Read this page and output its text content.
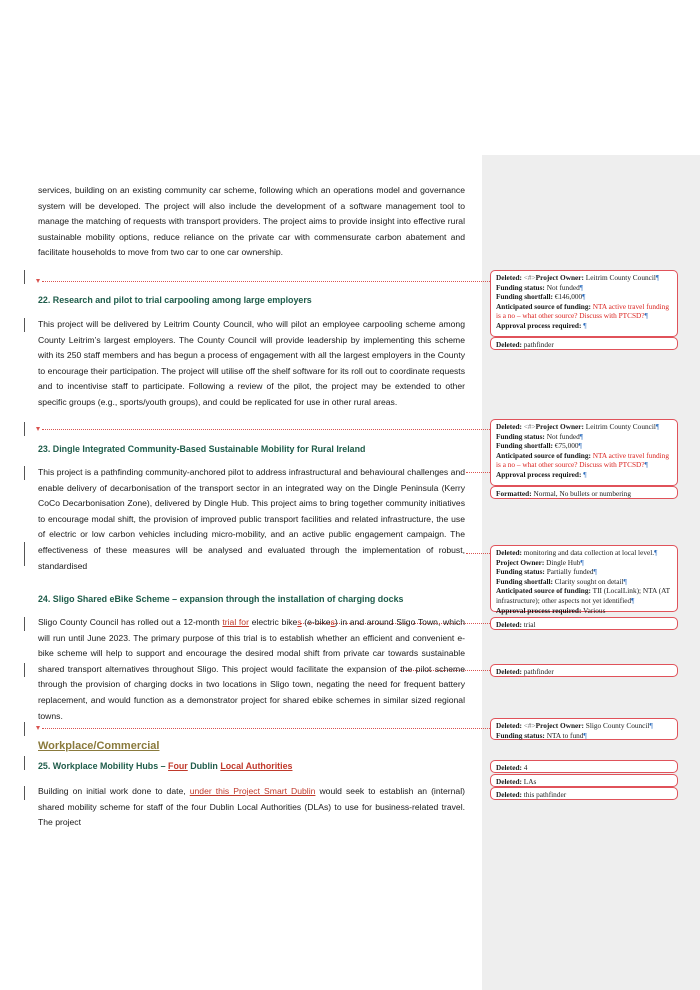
services, building on an existing community car scheme, following which an operations model and governance system will be developed. The project will also include the development of a software management tool to manage the matching of requests with transport providers. The project aims to provide insight into effective rural sustainable mobility options, reduce reliance on the private car with commensurate carbon abatement and facilitate households to move from two car to one car ownership.
22. Research and pilot to trial carpooling among large employers
This project will be delivered by Leitrim County Council, who will pilot an employee carpooling scheme among County Leitrim’s largest employers. The County Council will provide leadership by implementing this scheme with its 250 staff members and has begun a process of engagement with all the largest employers in the County to encourage their participation. The project will utilise off the shelf software for its roll out to coordinate requests and to incentivise staff to participate. Following a review of the pilot, the project may be extended to other specific groups (e.g., sports/youth groups), and could be replicated for use in other rural areas.
23. Dingle Integrated Community-Based Sustainable Mobility for Rural Ireland
This project is a pathfinding community-anchored pilot to address infrastructural and behavioural challenges and enable delivery of decarbonisation of the transport sector in an integrated way on the Dingle Peninsula (Kerry CoCo Decarbonisation Zone), delivered by Dingle Hub. This project aims to bring together community initiatives to encourage modal shift, the provision of improved public transport facilities and related infrastructure, the use of electric or low carbon vehicles including micro-mobility, and an active public engagement campaign. The effectiveness of these measures will be analysed and evaluated through the implementation of robust, standardised
24. Sligo Shared eBike Scheme – expansion through the installation of charging docks
Sligo County Council has rolled out a 12-month trial for electric bikes (e-bikes) in and around Sligo Town, which will run until June 2023. The primary purpose of this trial is to establish whether an efficient and convenient e-bike scheme will help to support and encourage the desired modal shift from private car towards sustainable shared transport alternatives throughout Sligo. This project would facilitate the expansion of the pilot scheme through the provision of charging docks in two locations in Sligo town, negating the need for frequent battery replacement, and would function as a demonstrator project for shared ebike schemes in similar sized regional towns.
Workplace/Commercial
25. Workplace Mobility Hubs – Four Dublin Local Authorities
Building on initial work done to date, under this Project Smart Dublin would seek to establish an (internal) shared mobility scheme for staff of the four Dublin Local Authorities (DLAs) to use for business-related travel. The project
Deleted: <#>Project Owner: Leitrim County Council¶
Funding status: Not funded¶
Funding shortfall: €146,000¶
Anticipated source of funding: NTA active travel funding is a no – what other source? Discuss with PTCSD?¶
Approval process required: ¶
Deleted: pathfinder
Deleted: <#>Project Owner: Leitrim County Council¶
Funding status: Not funded¶
Funding shortfall: €75,000¶
Anticipated source of funding: NTA active travel funding is a no – what other source? Discuss with PTCSD?¶
Approval process required: ¶
Formatted: Normal, No bullets or numbering
Deleted: monitoring and data collection at local level.¶
Project Owner: Dingle Hub¶
Funding status: Partially funded¶
Funding shortfall: Clarity sought on detail¶
Anticipated source of funding: TII (LocalLink); NTA (AT infrastructure); other aspects not yet identified¶
Approval process required: Various
Deleted: trial
Deleted: pathfinder
Deleted: <#>Project Owner: Sligo County Council¶
Funding status: NTA to fund¶
Deleted: 4
Deleted: LAs
Deleted: this pathfinder
